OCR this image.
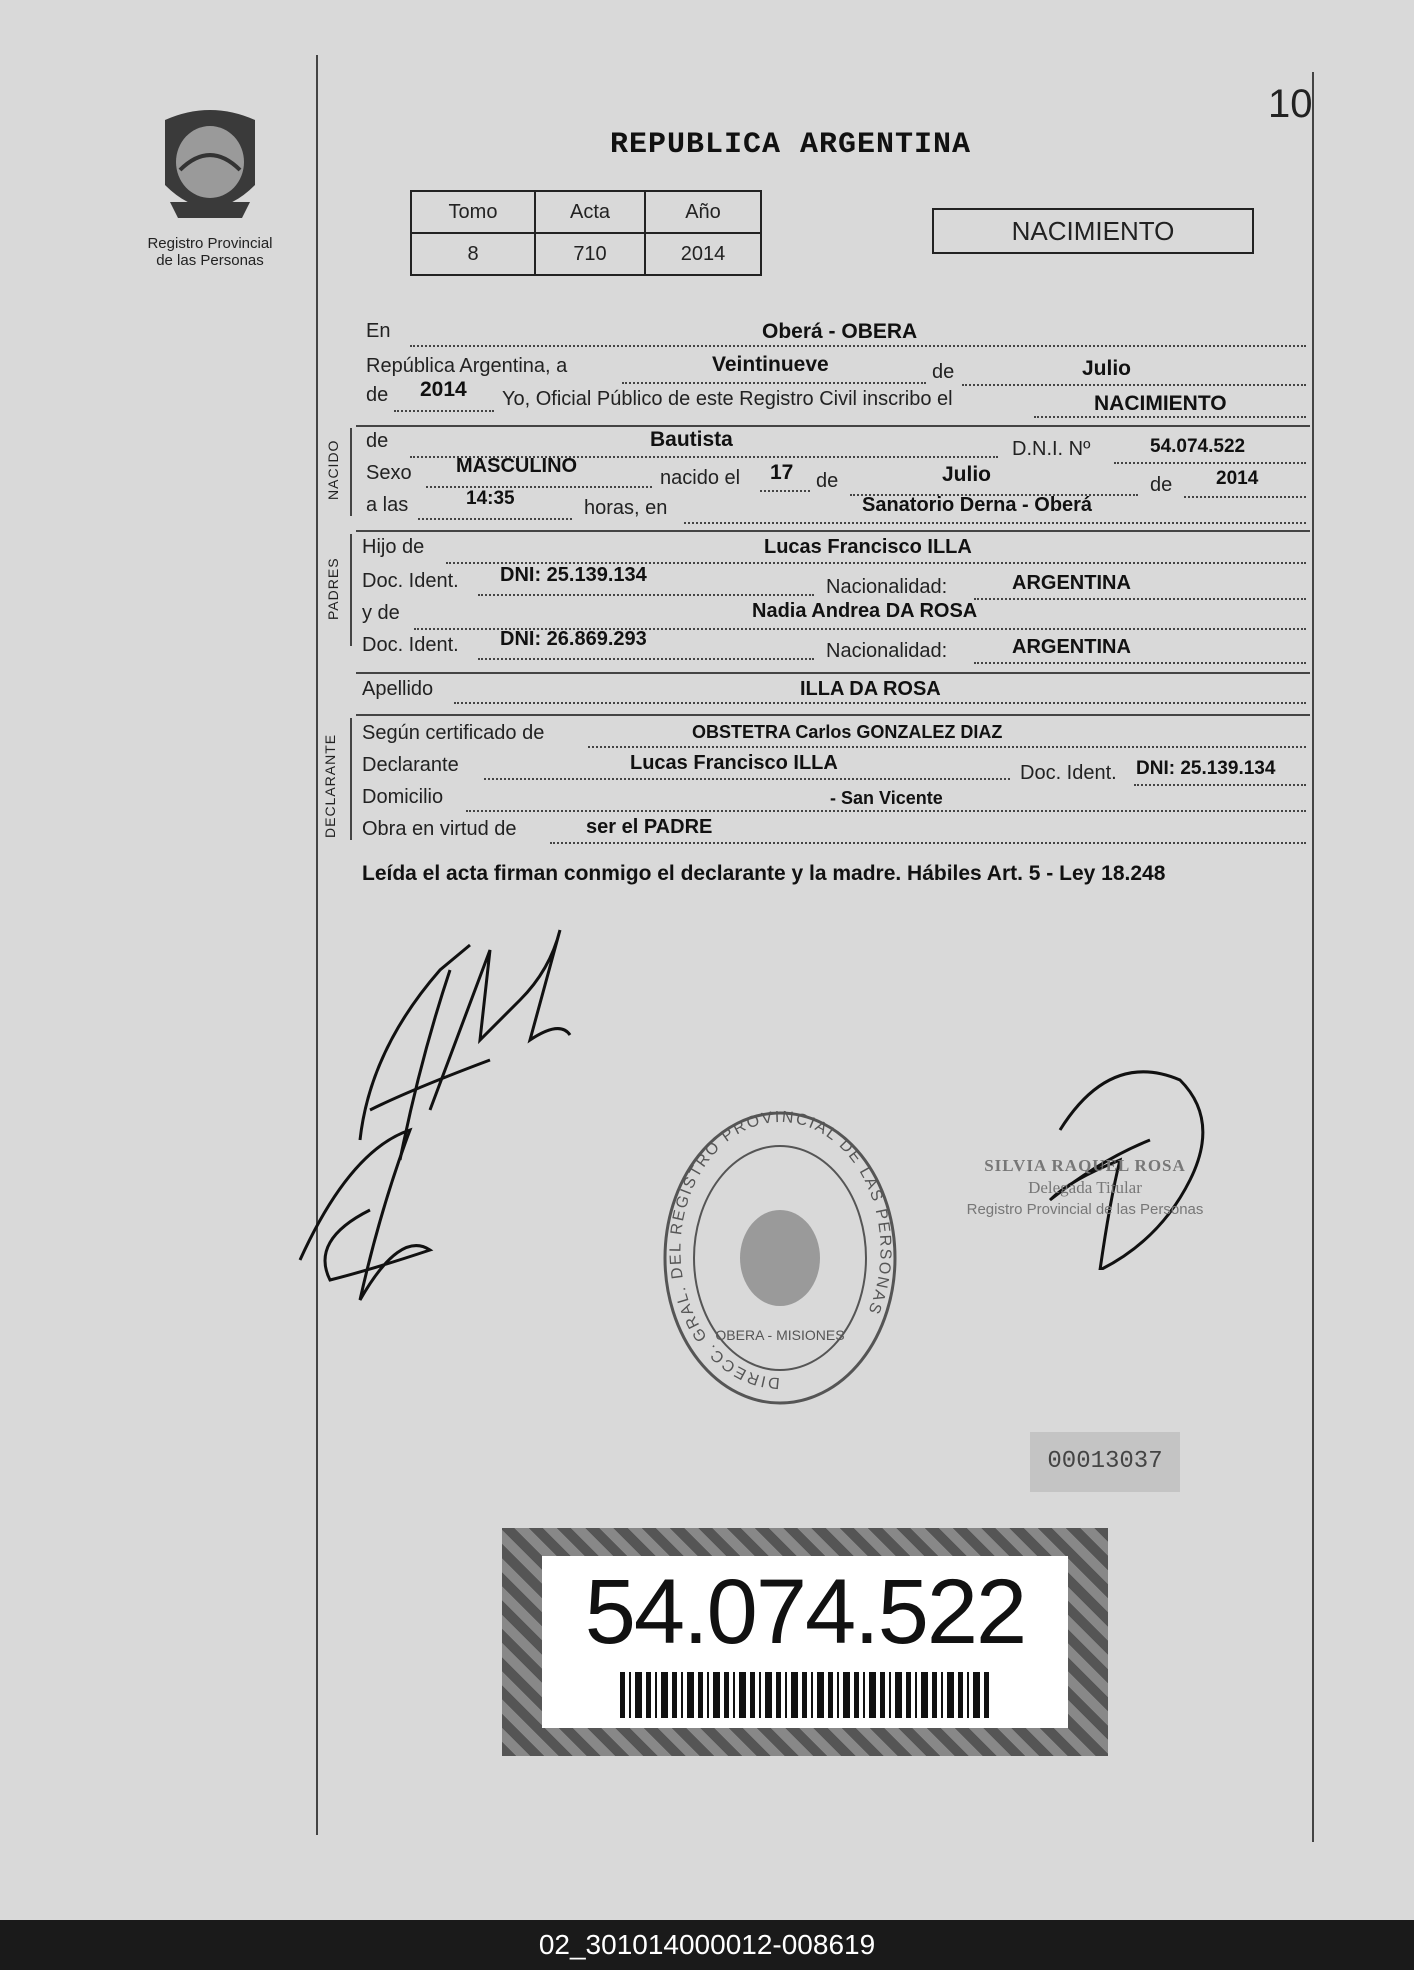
10
Registro Provincial
de las Personas
REPUBLICA ARGENTINA
Tomo	Acta	Año
8	710	2014
NACIMIENTO
En	Oberá - OBERA
República Argentina, a	Veintinueve	de	Julio
de 2014 Yo, Oficial Público de este Registro Civil inscribo el	NACIMIENTO
NACIDO de	Bautista	D.N.I. Nº	54.074.522
Sexo MASCULINO
nacido el 17 de	Julio	de 2014
a las	14:35	horas, en	Sanatorio Derna - Oberá
PADRES
Hijo de	Lucas Francisco ILLA
Doc. Ident. DNI: 25.139.134
Nacionalidad:	ARGENTINA
y de	Nadia Andrea DA ROSA
Doc. Ident. DNI: 26.869.293
Nacionalidad:	ARGENTINA
Apellido	ILLA DA ROSA
DECLARANTE
Según certificado de	OBSTETRA Carlos GONZALEZ DIAZ
Declarante	Lucas Francisco ILLA	Doc. Ident. DNI: 25.139.134
Domicilio	- San Vicente
Obra en virtud de	ser el PADRE
Leída el acta firman conmigo el declarante y la madre. Hábiles Art. 5 - Ley 18.248
SILVIA RAQUEL ROSA
Delegada Titular
Registro Provincial de las Personas
DIRECC. GRAL. DEL REGISTRO PROVINCIAL DE LAS PERSONAS
OBERA - MISIONES
00013037
54.074.522
02_301014000012-008619
